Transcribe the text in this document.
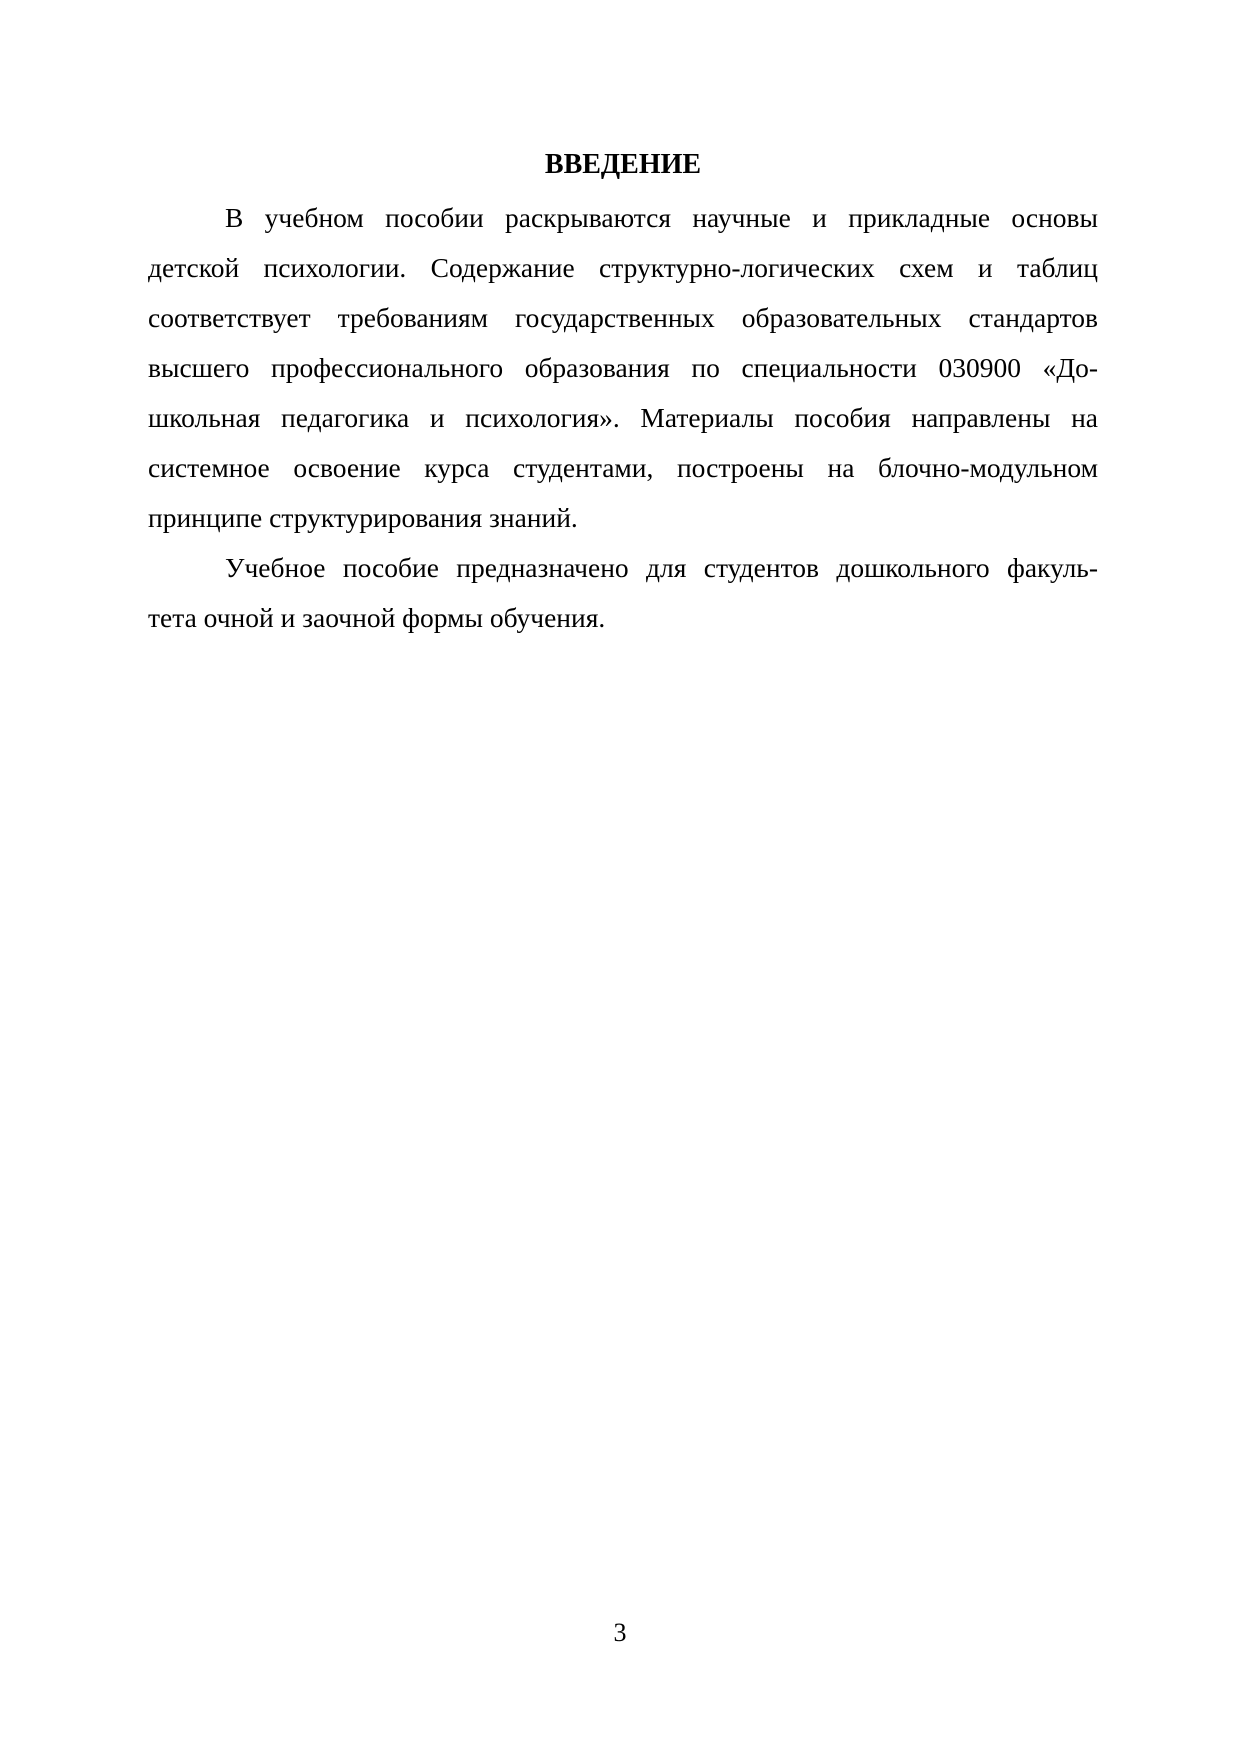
ВВЕДЕНИЕ

В учебном пособии раскрываются научные и прикладные основы
детской психологии. Содержание структурно-логических схем и таблиц
соответствует требованиям государственных образовательных стандартов
высшего профессионального образования по специальности 030900 «До-
школьная педагогика и психология». Материалы пособия направлены на
системное освоение курса студентами, построены на блочно-модульном
принципе структурирования знаний.

Учебное пособие предназначено для студентов дошкольного факуль-
тета очной и заочной формы обучения.

3
